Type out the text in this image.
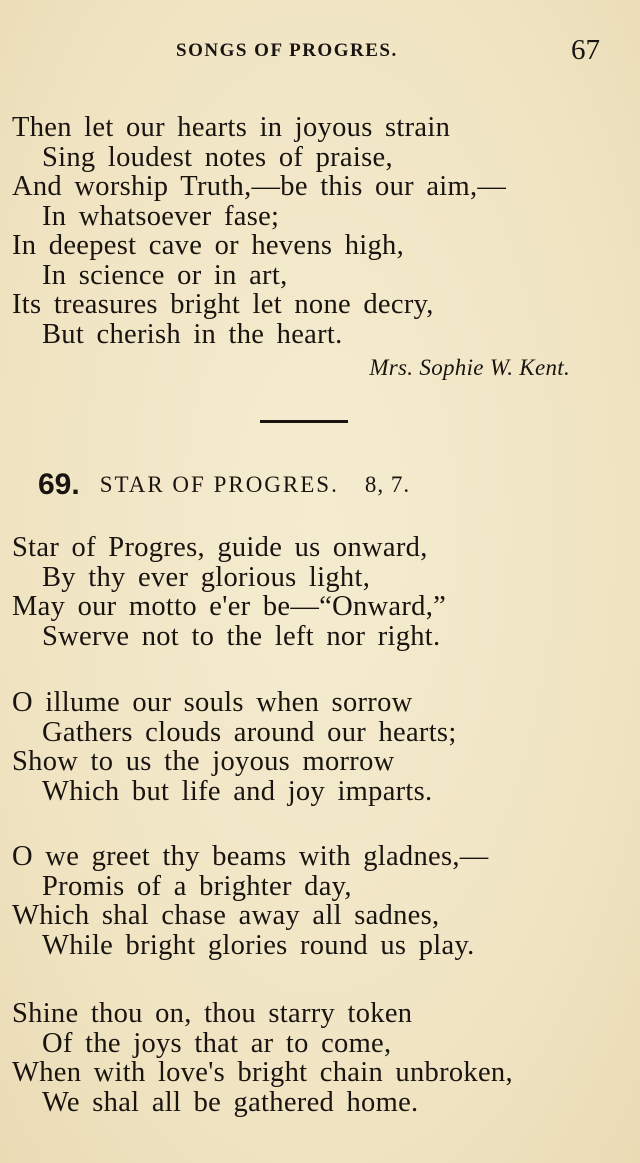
SONGS OF PROGRES.	67
Then let our hearts in joyous strain
Sing loudest notes of praise,
And worship Truth,—be this our aim,—
In whatsoever fase;
In deepest cave or hevens high,
In science or in art,
Its treasures bright let none decry,
But cherish in the heart.
Mrs. Sophie W. Kent.
69. STAR OF PROGRES. 8, 7.
Star of Progres, guide us onward,
By thy ever glorious light,
May our motto e'er be—“Onward,”
Swerve not to the left nor right.
O illume our souls when sorrow
Gathers clouds around our hearts;
Show to us the joyous morrow
Which but life and joy imparts.
O we greet thy beams with gladnes,—
Promis of a brighter day,
Which shal chase away all sadnes,
While bright glories round us play.
Shine thou on, thou starry token
Of the joys that ar to come,
When with love's bright chain unbroken,
We shal all be gathered home.
